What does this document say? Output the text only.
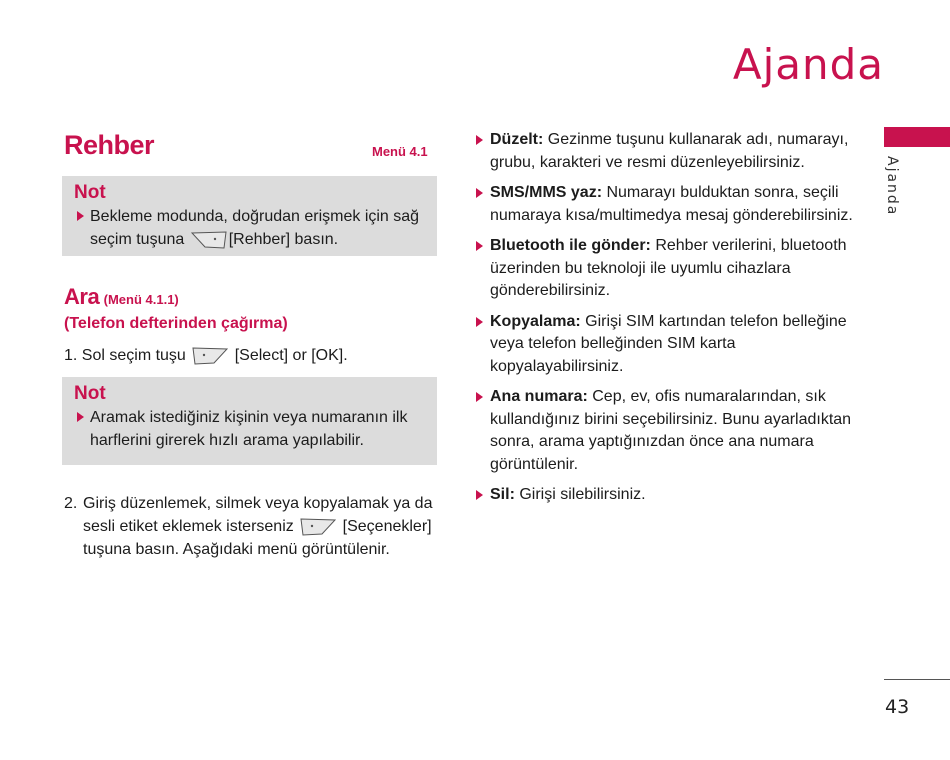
Ajanda
Ajanda
43
Rehber	Menü 4.1
Not
Bekleme modunda, doğrudan erişmek için sağ seçim tuşuna	[Rehber] basın.
Ara (Menü 4.1.1)
(Telefon defterinden çağırma)
1. Sol seçim tuşu	[Select] or [OK].
Not
Aramak istediğiniz kişinin veya numaranın ilk harflerini girerek hızlı arama yapılabilir.
2. Giriş düzenlemek, silmek veya kopyalamak ya da sesli etiket eklemek isterseniz	[Seçenekler] tuşuna basın. Aşağıdaki menü görüntülenir.
Düzelt: Gezinme tuşunu kullanarak adı, numarayı, grubu, karakteri ve resmi düzenleyebilirsiniz.
SMS/MMS yaz: Numarayı bulduktan sonra, seçili numaraya kısa/multimedya mesaj gönderebilirsiniz.
Bluetooth ile gönder: Rehber verilerini, bluetooth üzerinden bu teknoloji ile uyumlu cihazlara gönderebilirsiniz.
Kopyalama: Girişi SIM kartından telefon belleğine veya telefon belleğinden SIM karta kopyalayabilirsiniz.
Ana numara: Cep, ev, ofis numaralarından, sık kullandığınız birini seçebilirsiniz. Bunu ayarladıktan sonra, arama yaptığınızdan önce ana numara görüntülenir.
Sil: Girişi silebilirsiniz.
